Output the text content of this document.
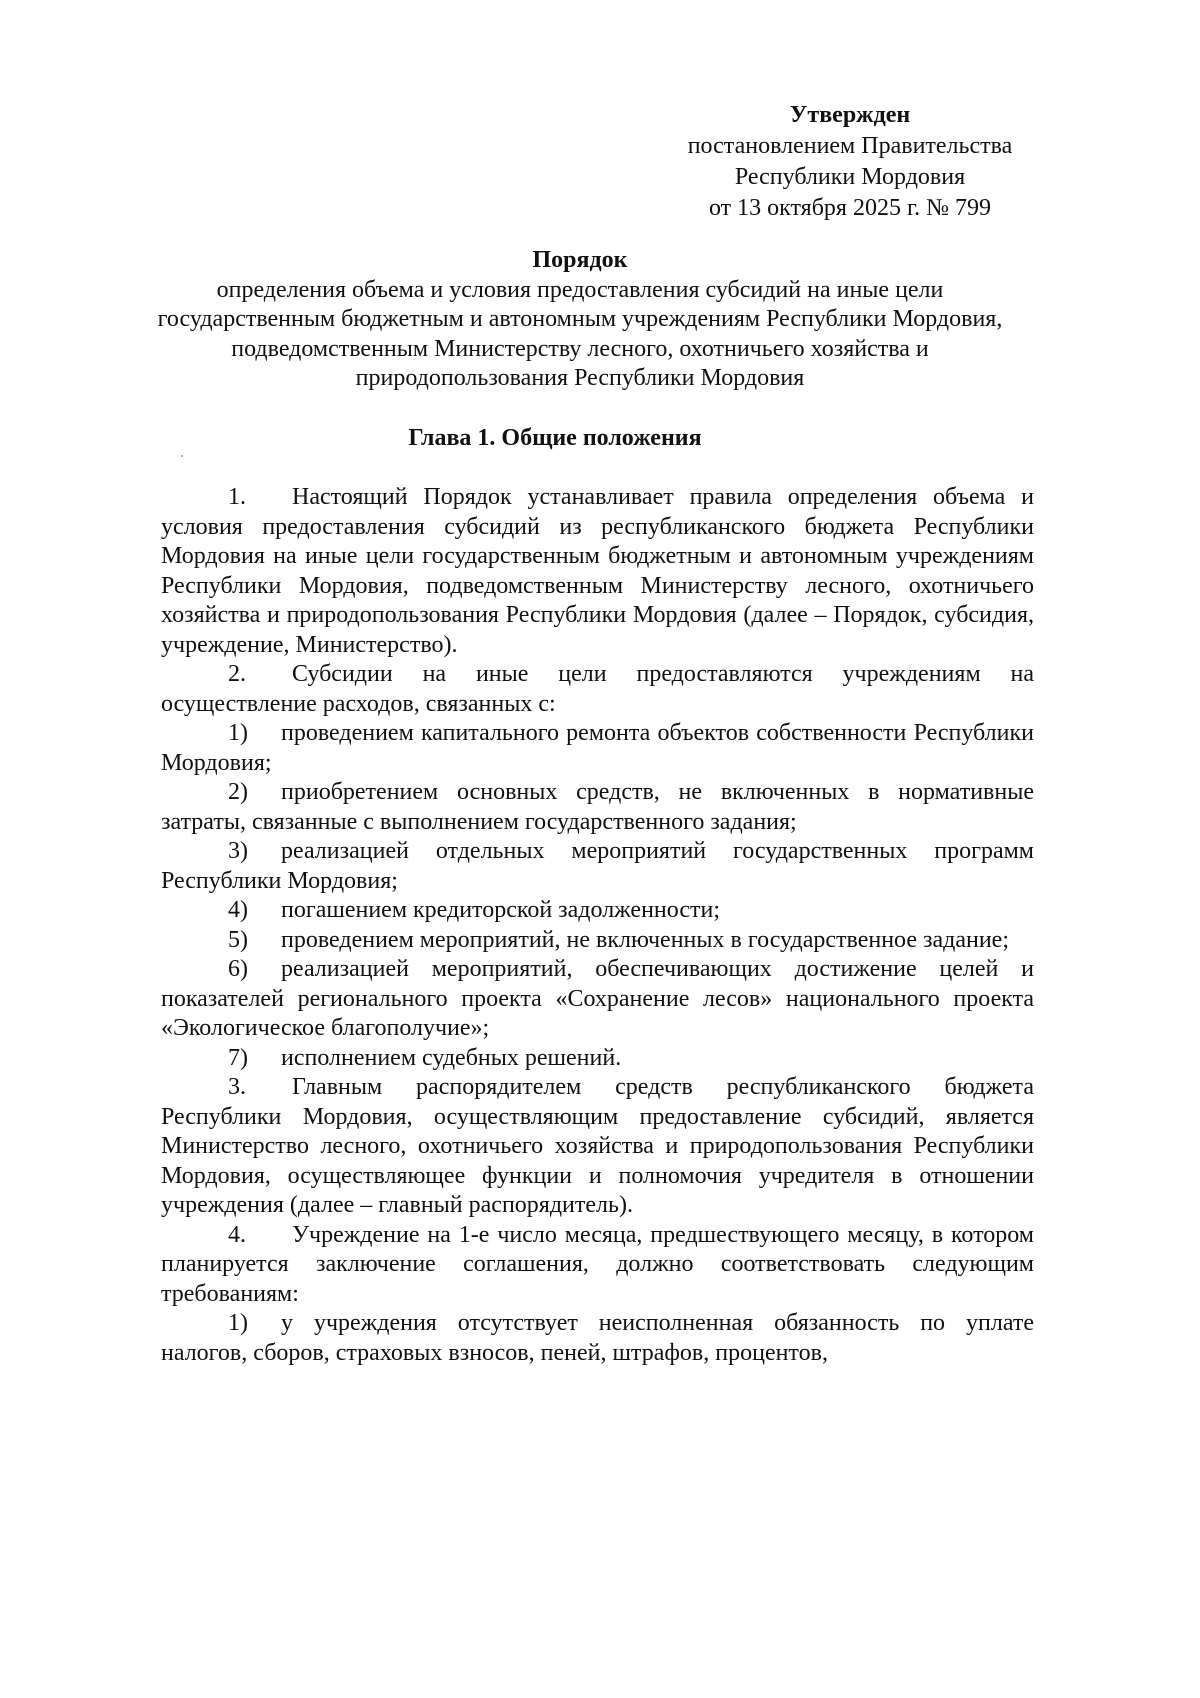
Утвержден
постановлением Правительства
Республики Мордовия
от 13 октября 2025 г. № 799
Порядок
определения объема и условия предоставления субсидий на иные цели государственным бюджетным и автономным учреждениям Республики Мордовия, подведомственным Министерству лесного, охотничьего хозяйства и природопользования Республики Мордовия
Глава 1. Общие положения

1. Настоящий Порядок устанавливает правила определения объема и условия предоставления субсидий из республиканского бюджета Республики Мордовия на иные цели государственным бюджетным и автономным учреждениям Республики Мордовия, подведомственным Министерству лесного, охотничьего хозяйства и природопользования Республики Мордовия (далее – Порядок, субсидия, учреждение, Министерство).

2. Субсидии на иные цели предоставляются учреждениям на осуществление расходов, связанных с:

1) проведением капитального ремонта объектов собственности Республики Мордовия;

2) приобретением основных средств, не включенных в нормативные затраты, связанные с выполнением государственного задания;

3) реализацией отдельных мероприятий государственных программ Республики Мордовия;

4) погашением кредиторской задолженности;

5) проведением мероприятий, не включенных в государственное задание;

6) реализацией мероприятий, обеспечивающих достижение целей и показателей регионального проекта «Сохранение лесов» национального проекта «Экологическое благополучие»;

7) исполнением судебных решений.

3. Главным распорядителем средств республиканского бюджета Республики Мордовия, осуществляющим предоставление субсидий, является Министерство лесного, охотничьего хозяйства и природопользования Республики Мордовия, осуществляющее функции и полномочия учредителя в отношении учреждения (далее – главный распорядитель).

4. Учреждение на 1-е число месяца, предшествующего месяцу, в котором планируется заключение соглашения, должно соответствовать следующим требованиям:

1) у учреждения отсутствует неисполненная обязанность по уплате налогов, сборов, страховых взносов, пеней, штрафов, процентов,
